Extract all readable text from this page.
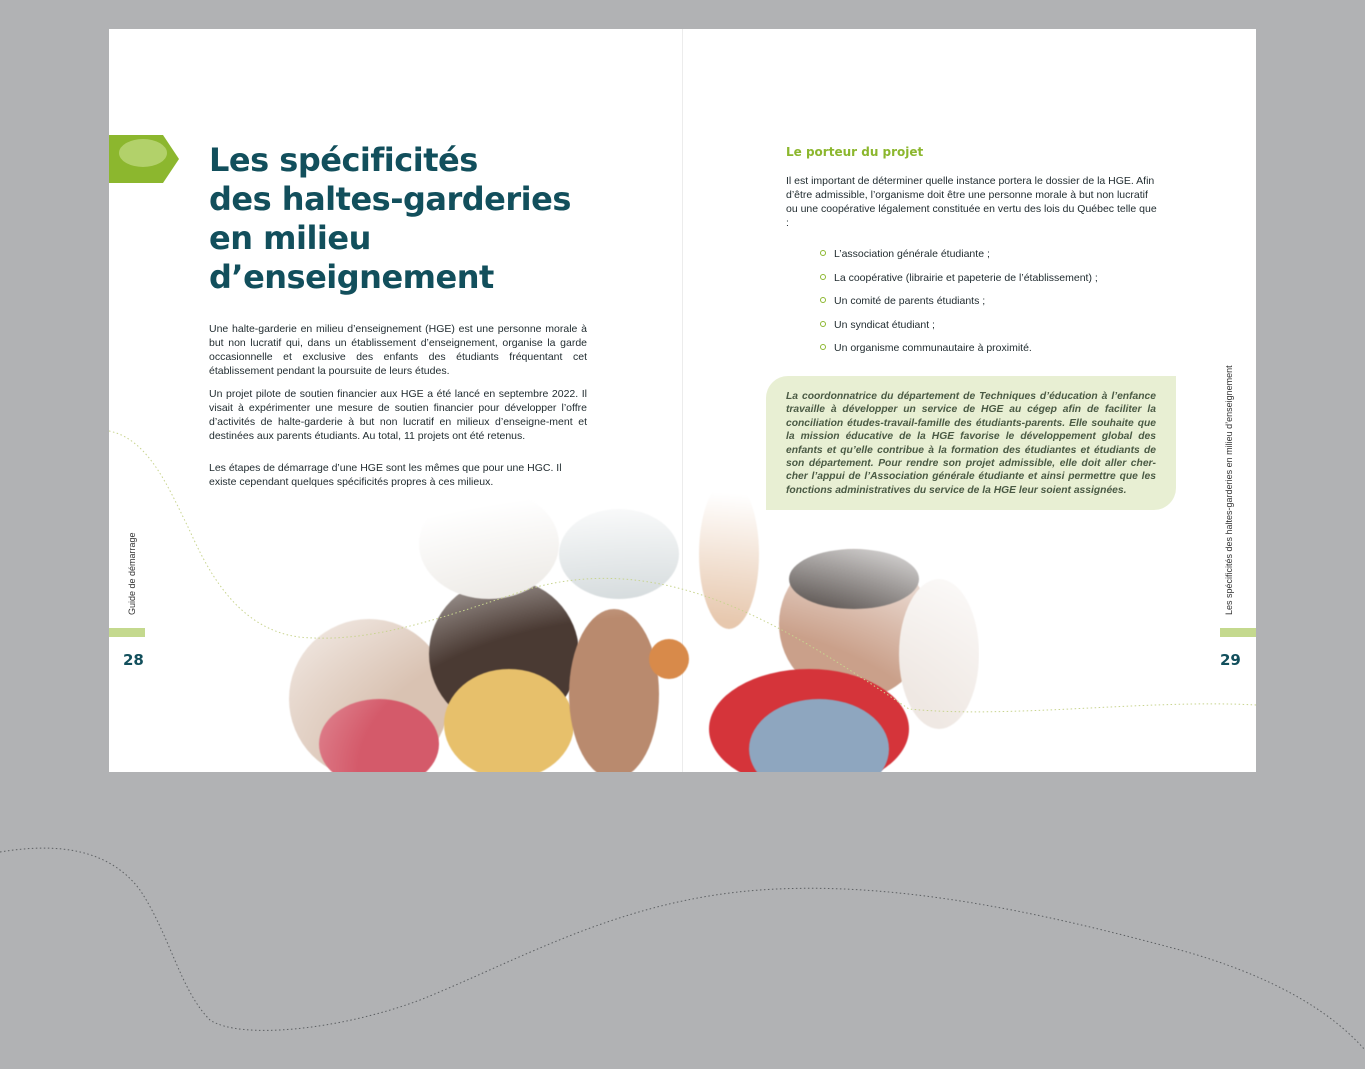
Les spécificités
des haltes-garderies
en milieu
d’enseignement

Une halte-garderie en milieu d’enseignement (HGE) est une personne morale à but non lucratif qui, dans un établissement d’enseignement, organise la garde occasionnelle et exclusive des enfants des étudiants fréquentant cet établissement pendant la poursuite de leurs études.

Un projet pilote de soutien financier aux HGE a été lancé en septembre 2022. Il visait à expérimenter une mesure de soutien financier pour développer l’offre d’activités de halte-garderie à but non lucratif en milieux d’enseigne-ment et destinées aux parents étudiants. Au total, 11 projets ont été retenus.

Les étapes de démarrage d’une HGE sont les mêmes que pour une HGC. Il existe cependant quelques spécificités propres à ces milieux.

Guide de démarrage
28
Le porteur du projet

Il est important de déterminer quelle instance portera le dossier de la HGE. Afin d’être admissible, l’organisme doit être une personne morale à but non lucratif ou une coopérative légalement constituée en vertu des lois du Québec telle que :

L’association générale étudiante ;
La coopérative (librairie et papeterie de l’établissement) ;
Un comité de parents étudiants ;
Un syndicat étudiant ;
Un organisme communautaire à proximité.

La coordonnatrice du département de Techniques d’éducation à l’enfance travaille à développer un service de HGE au cégep afin de faciliter la conciliation études-travail-famille des étudiants-parents. Elle souhaite que la mission éducative de la HGE favorise le développement global des enfants et qu’elle contribue à la formation des étudiantes et étudiants de son département. Pour rendre son projet admissible, elle doit aller cher-cher l’appui de l’Association générale étudiante et ainsi permettre que les fonctions administratives du service de la HGE leur soient assignées.	Les spécificités des haltes-garderies en milieu d’enseignement
29
